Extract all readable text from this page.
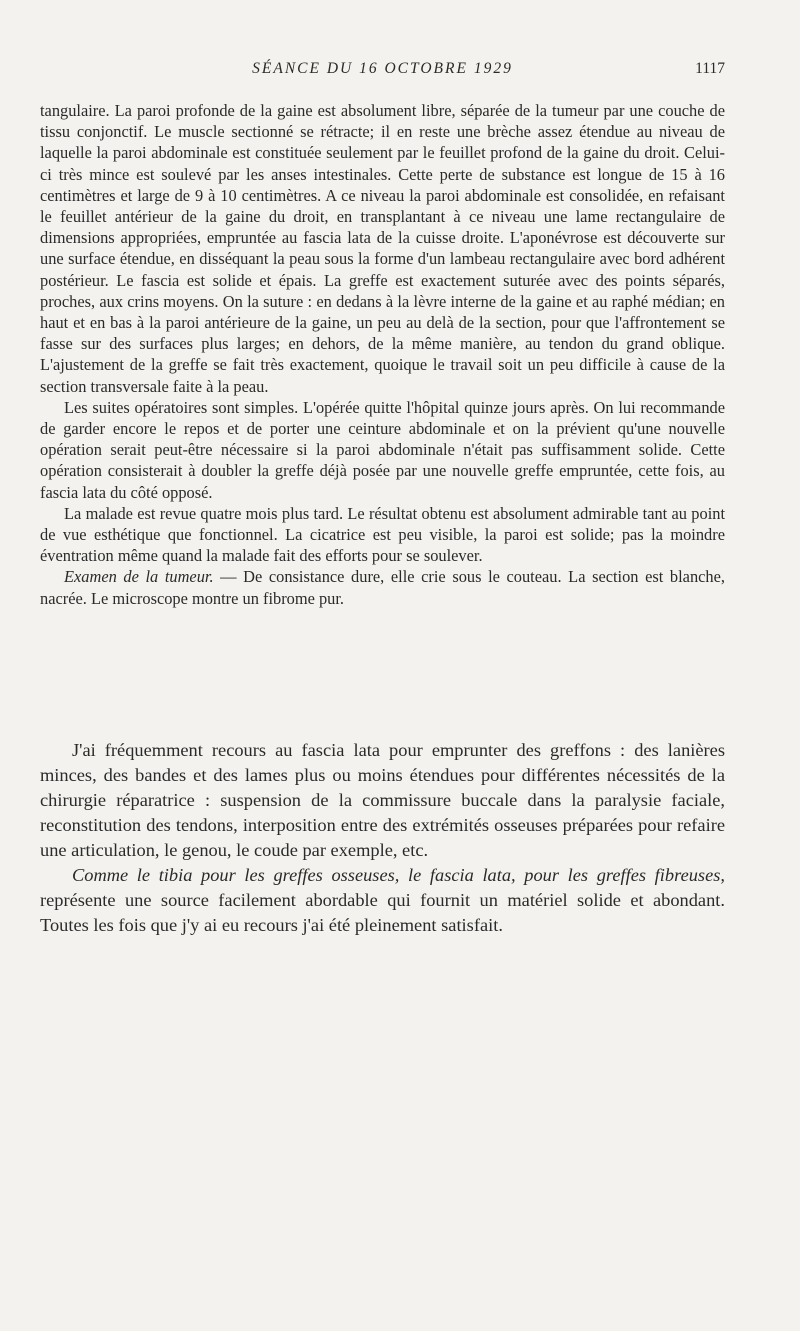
SÉANCE DU 16 OCTOBRE 1929	1117

tangulaire. La paroi profonde de la gaine est absolument libre, séparée de la tumeur par une couche de tissu conjonctif. Le muscle sectionné se rétracte; il en reste une brèche assez étendue au niveau de laquelle la paroi abdominale est constituée seulement par le feuillet profond de la gaine du droit. Celui-ci très mince est soulevé par les anses intestinales. Cette perte de substance est longue de 15 à 16 centimètres et large de 9 à 10 centimètres. A ce niveau la paroi abdominale est consolidée, en refaisant le feuillet antérieur de la gaine du droit, en transplantant à ce niveau une lame rectangulaire de dimensions appropriées, empruntée au fascia lata de la cuisse droite. L'aponévrose est découverte sur une surface étendue, en disséquant la peau sous la forme d'un lambeau rectangulaire avec bord adhérent postérieur. Le fascia est solide et épais. La greffe est exactement suturée avec des points séparés, proches, aux crins moyens. On la suture : en dedans à la lèvre interne de la gaine et au raphé médian; en haut et en bas à la paroi antérieure de la gaine, un peu au delà de la section, pour que l'affrontement se fasse sur des surfaces plus larges; en dehors, de la même manière, au tendon du grand oblique. L'ajustement de la greffe se fait très exactement, quoique le travail soit un peu difficile à cause de la section transversale faite à la peau.

Les suites opératoires sont simples. L'opérée quitte l'hôpital quinze jours après. On lui recommande de garder encore le repos et de porter une ceinture abdominale et on la prévient qu'une nouvelle opération serait peut-être nécessaire si la paroi abdominale n'était pas suffisamment solide. Cette opération consisterait à doubler la greffe déjà posée par une nouvelle greffe empruntée, cette fois, au fascia lata du côté opposé.

La malade est revue quatre mois plus tard. Le résultat obtenu est absolument admirable tant au point de vue esthétique que fonctionnel. La cicatrice est peu visible, la paroi est solide; pas la moindre éventration même quand la malade fait des efforts pour se soulever.

Examen de la tumeur. — De consistance dure, elle crie sous le couteau. La section est blanche, nacrée. Le microscope montre un fibrome pur.

J'ai fréquemment recours au fascia lata pour emprunter des greffons : des lanières minces, des bandes et des lames plus ou moins étendues pour différentes nécessités de la chirurgie réparatrice : suspension de la commissure buccale dans la paralysie faciale, reconstitution des tendons, interposition entre des extrémités osseuses préparées pour refaire une articulation, le genou, le coude par exemple, etc.

Comme le tibia pour les greffes osseuses, le fascia lata, pour les greffes fibreuses, représente une source facilement abordable qui fournit un matériel solide et abondant. Toutes les fois que j'y ai eu recours j'ai été pleinement satisfait.
